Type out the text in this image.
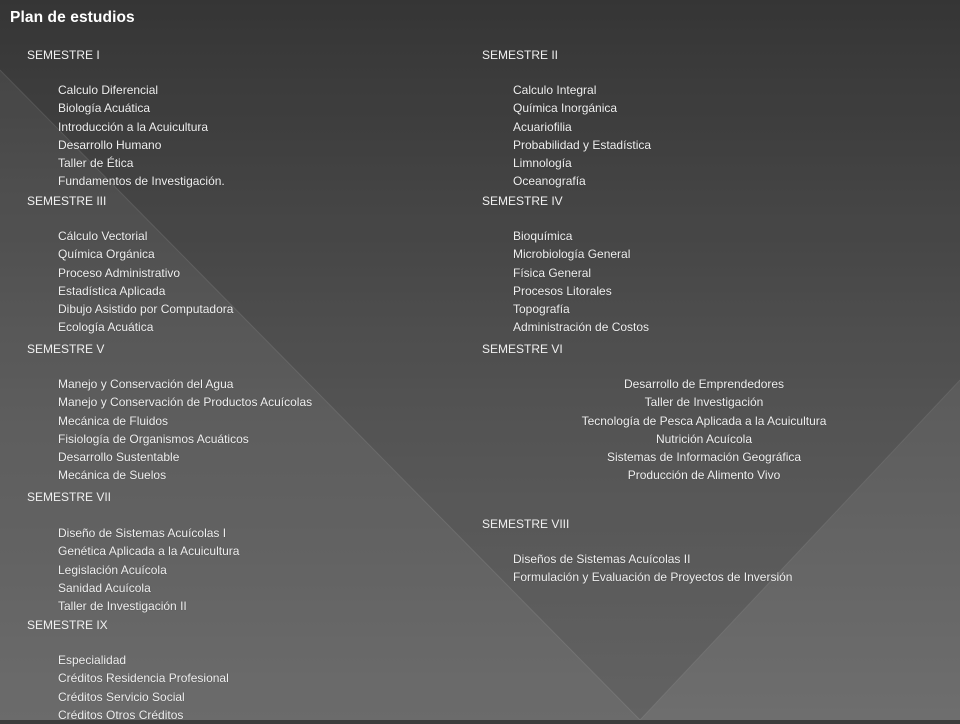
Plan de estudios
SEMESTRE I
Calculo Diferencial
Biología Acuática
Introducción a la Acuicultura
Desarrollo Humano
Taller de Ética
Fundamentos de Investigación.
SEMESTRE II
Calculo Integral
Química Inorgánica
Acuariofilia
Probabilidad y Estadística
Limnología
Oceanografía
SEMESTRE III
Cálculo Vectorial
Química Orgánica
Proceso Administrativo
Estadística Aplicada
Dibujo Asistido por Computadora
Ecología Acuática
SEMESTRE IV
Bioquímica
Microbiología General
Física General
Procesos Litorales
Topografía
Administración de Costos
SEMESTRE V
Manejo y Conservación del Agua
Manejo y Conservación de Productos Acuícolas
Mecánica de Fluidos
Fisiología de Organismos Acuáticos
Desarrollo Sustentable
Mecánica de Suelos
SEMESTRE VI
Desarrollo de Emprendedores
Taller de Investigación
Tecnología de Pesca Aplicada a la Acuicultura
Nutrición Acuícola
Sistemas de Información Geográfica
Producción de Alimento Vivo
SEMESTRE VII
Diseño de Sistemas Acuícolas I
Genética Aplicada a la Acuicultura
Legislación Acuícola
Sanidad Acuícola
Taller de Investigación II
SEMESTRE VIII
Diseños de Sistemas Acuícolas II
Formulación y Evaluación de Proyectos de Inversión
SEMESTRE IX
Especialidad
Créditos Residencia Profesional
Créditos Servicio Social
Créditos Otros Créditos
